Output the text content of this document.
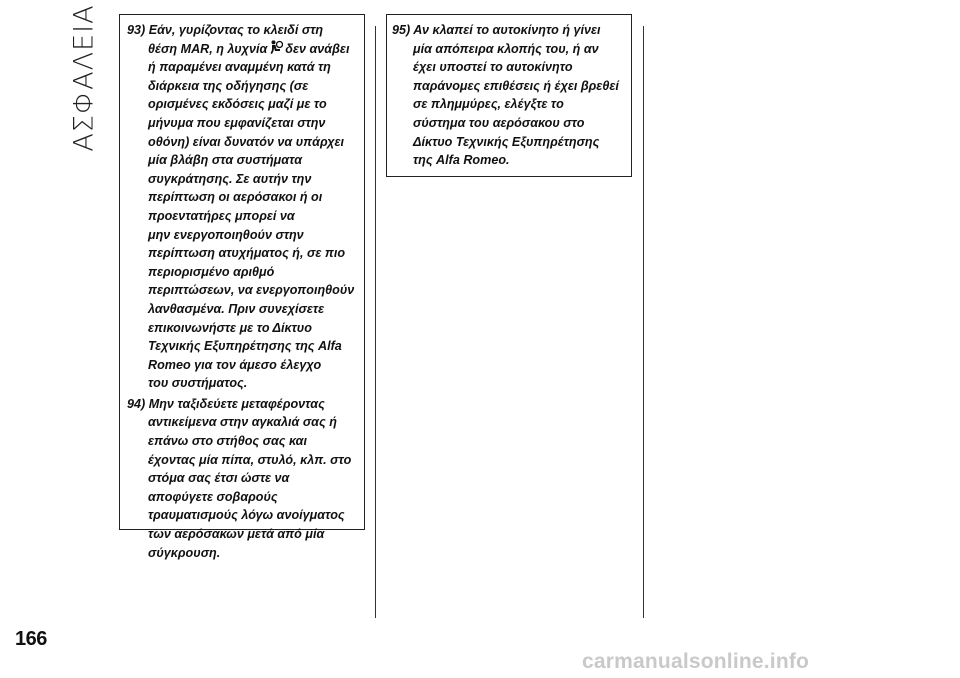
ΑΣΦΑΛΕΙΑ 93) Εάν, γυρίζοντας το κλειδί στη
θέση MAR, η λυχνία δεν ανάβει
ή παραμένει αναμμένη κατά τη
διάρκεια της οδήγησης (σε
ορισμένες εκδόσεις μαζί με το
μήνυμα που εμφανίζεται στην
οθόνη) είναι δυνατόν να υπάρχει
μία βλάβη στα συστήματα
συγκράτησης. Σε αυτήν την
περίπτωση οι αερόσακοι ή οι
προεντατήρες μπορεί να
μην ενεργοποιηθούν στην
περίπτωση ατυχήματος ή, σε πιο
περιορισμένο αριθμό
περιπτώσεων, να ενεργοποιηθούν
λανθασμένα. Πριν συνεχίσετε
επικοινωνήστε με το Δίκτυο
Τεχνικής Εξυπηρέτησης της Alfa
Romeo για τον άμεσο έλεγχο
του συστήματος.

94) Μην ταξιδεύετε μεταφέροντας
αντικείμενα στην αγκαλιά σας ή
επάνω στο στήθος σας και
έχοντας μία πίπα, στυλό, κλπ. στο
στόμα σας έτσι ώστε να
αποφύγετε σοβαρούς
τραυματισμούς λόγω ανοίγματος
των αερόσακων μετά από μία
σύγκρουση.

95) Αν κλαπεί το αυτοκίνητο ή γίνει
μία απόπειρα κλοπής του, ή αν
έχει υποστεί το αυτοκίνητο
παράνομες επιθέσεις ή έχει βρεθεί
σε πλημμύρες, ελέγξτε το
σύστημα του αερόσακου στο
Δίκτυο Τεχνικής Εξυπηρέτησης
της Alfa Romeo.

166
carmanualsonline.info
